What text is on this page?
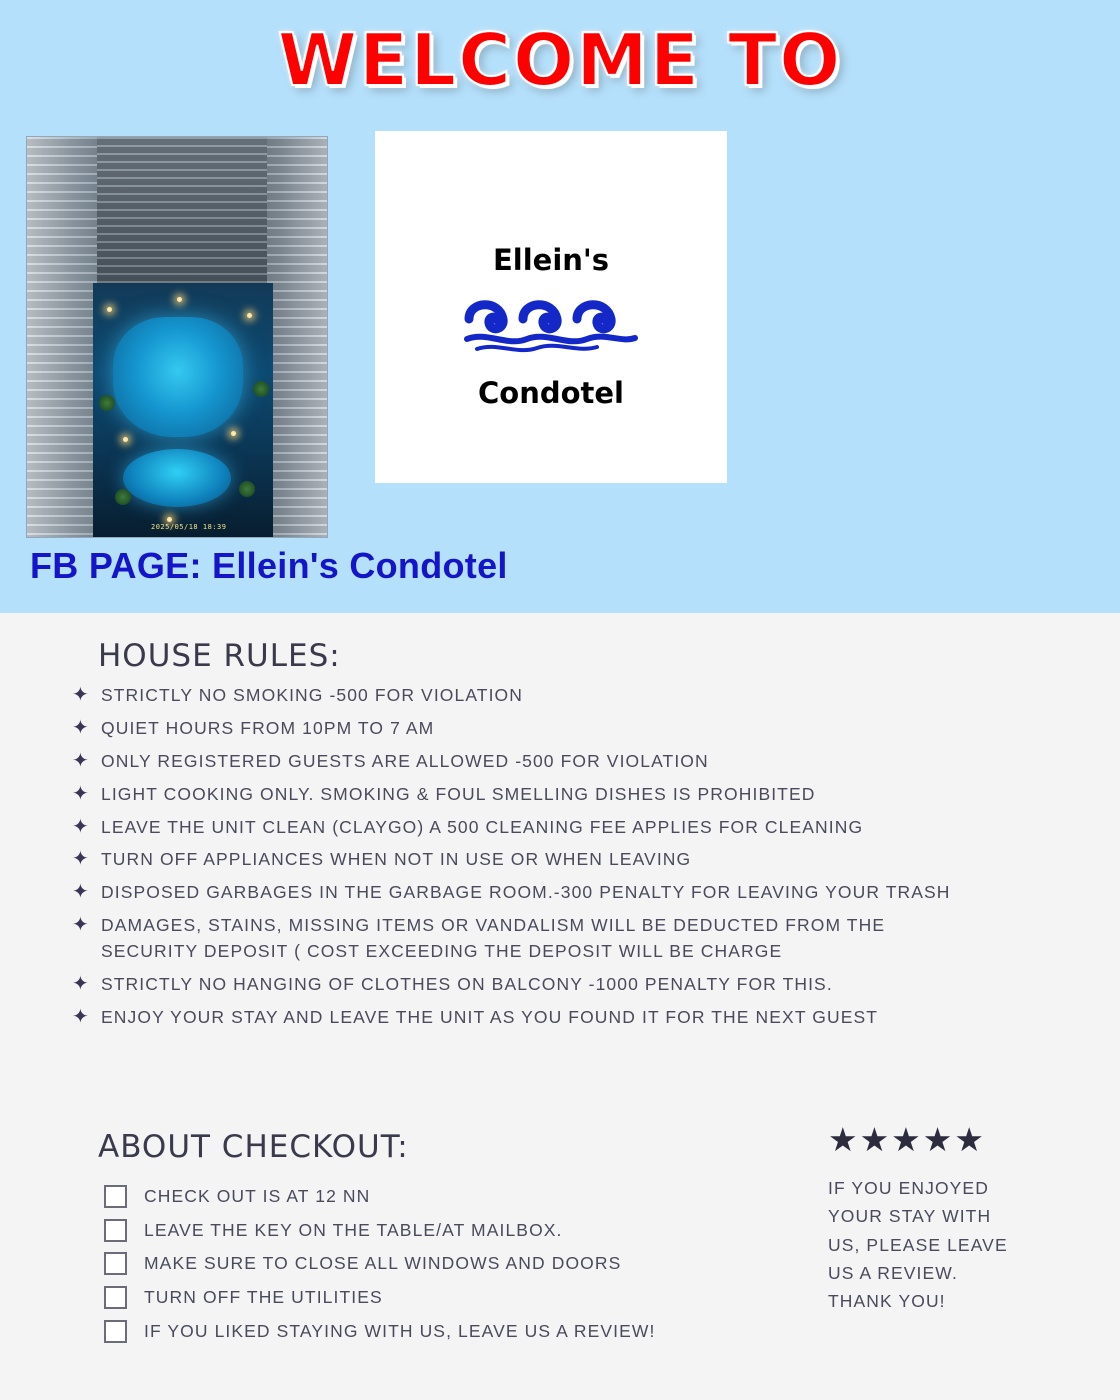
WELCOME TO
2025/05/18 18:39
Ellein's
Condotel
FB PAGE: Ellein's Condotel
HOUSE RULES:
✦ STRICTLY NO SMOKING -500 FOR VIOLATION
✦ QUIET HOURS FROM 10PM TO 7 AM
✦ ONLY REGISTERED GUESTS ARE ALLOWED -500 FOR VIOLATION
✦ LIGHT COOKING ONLY. SMOKING & FOUL SMELLING DISHES IS PROHIBITED
✦ LEAVE THE UNIT CLEAN (CLAYGO) A 500 CLEANING FEE APPLIES FOR CLEANING
✦ TURN OFF APPLIANCES WHEN NOT IN USE OR WHEN LEAVING
✦ DISPOSED GARBAGES IN THE GARBAGE ROOM.-300 PENALTY FOR LEAVING YOUR TRASH
✦ DAMAGES, STAINS, MISSING ITEMS OR VANDALISM WILL BE DEDUCTED FROM THE
SECURITY DEPOSIT ( COST EXCEEDING THE DEPOSIT WILL BE CHARGE
✦ STRICTLY NO HANGING OF CLOTHES ON BALCONY -1000 PENALTY FOR THIS.
✦ ENJOY YOUR STAY AND LEAVE THE UNIT AS YOU FOUND IT FOR THE NEXT GUEST
ABOUT CHECKOUT:
CHECK OUT IS AT 12 NN
LEAVE THE KEY ON THE TABLE/AT MAILBOX.
MAKE SURE TO CLOSE ALL WINDOWS AND DOORS
TURN OFF THE UTILITIES
IF YOU LIKED STAYING WITH US, LEAVE US A REVIEW!
★★★★★
IF YOU ENJOYED
YOUR STAY WITH
US, PLEASE LEAVE
US A REVIEW.
THANK YOU!
